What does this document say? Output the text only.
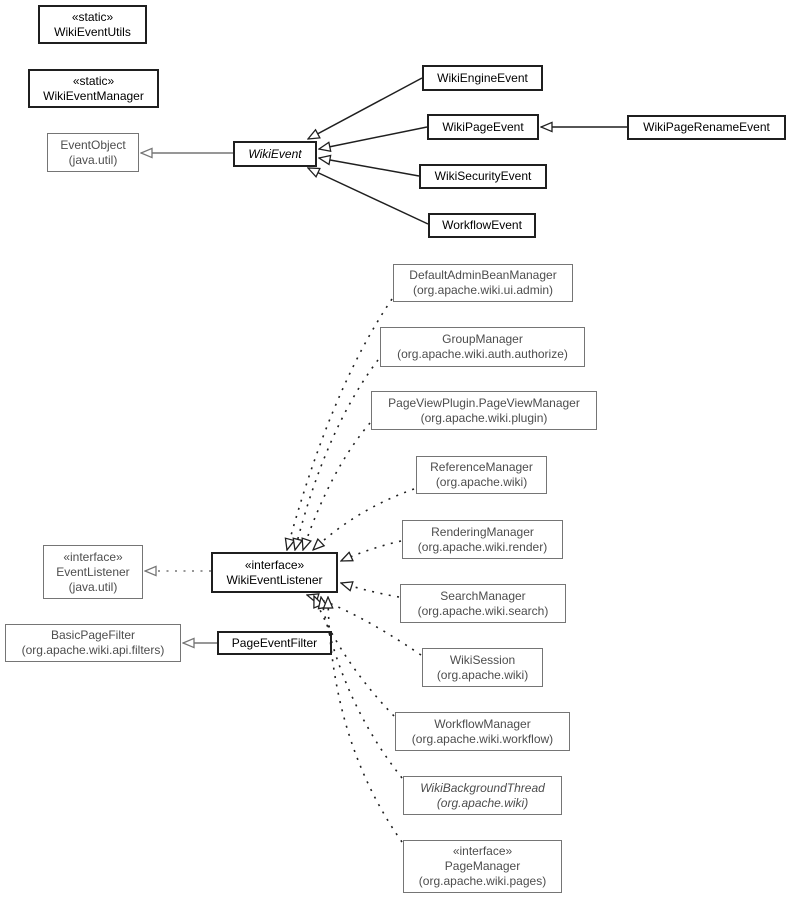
«static»
WikiEventUtils
«static»
WikiEventManager
EventObject
(java.util)	WikiEvent
WikiEngineEvent
WikiPageEvent	WikiPageRenameEvent
WikiSecurityEvent
WorkflowEvent
DefaultAdminBeanManager
(org.apache.wiki.ui.admin)
GroupManager
(org.apache.wiki.auth.authorize)
PageViewPlugin.PageViewManager
(org.apache.wiki.plugin)
ReferenceManager
(org.apache.wiki)
RenderingManager
(org.apache.wiki.render)
SearchManager
(org.apache.wiki.search)
WikiSession
(org.apache.wiki)
WorkflowManager
(org.apache.wiki.workflow)
WikiBackgroundThread
(org.apache.wiki)
«interface»
PageManager
(org.apache.wiki.pages)
«interface»
EventListener
(java.util)
«interface»
WikiEventListener
BasicPageFilter
(org.apache.wiki.api.filters)
PageEventFilter
